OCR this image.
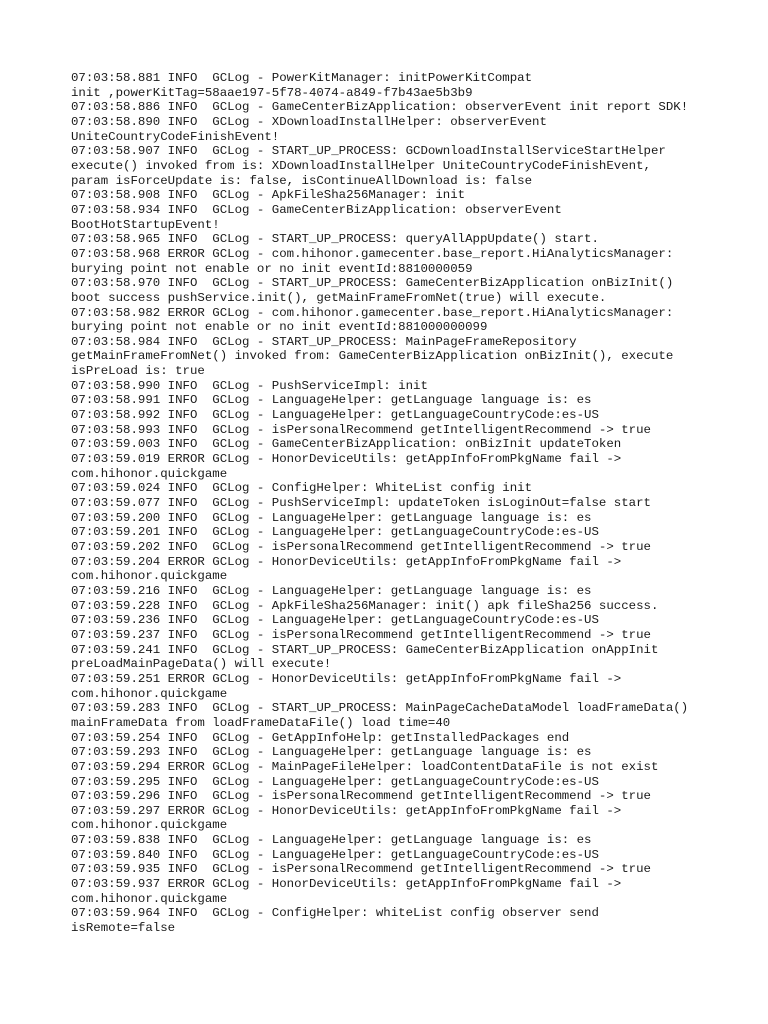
07:03:58.881 INFO  GCLog - PowerKitManager: initPowerKitCompat
init ,powerKitTag=58aae197-5f78-4074-a849-f7b43ae5b3b9
07:03:58.886 INFO  GCLog - GameCenterBizApplication: observerEvent init report SDK!
07:03:58.890 INFO  GCLog - XDownloadInstallHelper: observerEvent
UniteCountryCodeFinishEvent!
07:03:58.907 INFO  GCLog - START_UP_PROCESS: GCDownloadInstallServiceStartHelper
execute() invoked from is: XDownloadInstallHelper UniteCountryCodeFinishEvent,
param isForceUpdate is: false, isContinueAllDownload is: false
07:03:58.908 INFO  GCLog - ApkFileSha256Manager: init
07:03:58.934 INFO  GCLog - GameCenterBizApplication: observerEvent
BootHotStartupEvent!
07:03:58.965 INFO  GCLog - START_UP_PROCESS: queryAllAppUpdate() start.
07:03:58.968 ERROR GCLog - com.hihonor.gamecenter.base_report.HiAnalyticsManager:
burying point not enable or no init eventId:8810000059
07:03:58.970 INFO  GCLog - START_UP_PROCESS: GameCenterBizApplication onBizInit()
boot success pushService.init(), getMainFrameFromNet(true) will execute.
07:03:58.982 ERROR GCLog - com.hihonor.gamecenter.base_report.HiAnalyticsManager:
burying point not enable or no init eventId:881000000099
07:03:58.984 INFO  GCLog - START_UP_PROCESS: MainPageFrameRepository
getMainFrameFromNet() invoked from: GameCenterBizApplication onBizInit(), execute
isPreLoad is: true
07:03:58.990 INFO  GCLog - PushServiceImpl: init
07:03:58.991 INFO  GCLog - LanguageHelper: getLanguage language is: es
07:03:58.992 INFO  GCLog - LanguageHelper: getLanguageCountryCode:es-US
07:03:58.993 INFO  GCLog - isPersonalRecommend getIntelligentRecommend -> true
07:03:59.003 INFO  GCLog - GameCenterBizApplication: onBizInit updateToken
07:03:59.019 ERROR GCLog - HonorDeviceUtils: getAppInfoFromPkgName fail ->
com.hihonor.quickgame
07:03:59.024 INFO  GCLog - ConfigHelper: WhiteList config init
07:03:59.077 INFO  GCLog - PushServiceImpl: updateToken isLoginOut=false start
07:03:59.200 INFO  GCLog - LanguageHelper: getLanguage language is: es
07:03:59.201 INFO  GCLog - LanguageHelper: getLanguageCountryCode:es-US
07:03:59.202 INFO  GCLog - isPersonalRecommend getIntelligentRecommend -> true
07:03:59.204 ERROR GCLog - HonorDeviceUtils: getAppInfoFromPkgName fail ->
com.hihonor.quickgame
07:03:59.216 INFO  GCLog - LanguageHelper: getLanguage language is: es
07:03:59.228 INFO  GCLog - ApkFileSha256Manager: init() apk fileSha256 success.
07:03:59.236 INFO  GCLog - LanguageHelper: getLanguageCountryCode:es-US
07:03:59.237 INFO  GCLog - isPersonalRecommend getIntelligentRecommend -> true
07:03:59.241 INFO  GCLog - START_UP_PROCESS: GameCenterBizApplication onAppInit
preLoadMainPageData() will execute!
07:03:59.251 ERROR GCLog - HonorDeviceUtils: getAppInfoFromPkgName fail ->
com.hihonor.quickgame
07:03:59.283 INFO  GCLog - START_UP_PROCESS: MainPageCacheDataModel loadFrameData()
mainFrameData from loadFrameDataFile() load time=40
07:03:59.254 INFO  GCLog - GetAppInfoHelp: getInstalledPackages end
07:03:59.293 INFO  GCLog - LanguageHelper: getLanguage language is: es
07:03:59.294 ERROR GCLog - MainPageFileHelper: loadContentDataFile is not exist
07:03:59.295 INFO  GCLog - LanguageHelper: getLanguageCountryCode:es-US
07:03:59.296 INFO  GCLog - isPersonalRecommend getIntelligentRecommend -> true
07:03:59.297 ERROR GCLog - HonorDeviceUtils: getAppInfoFromPkgName fail ->
com.hihonor.quickgame
07:03:59.838 INFO  GCLog - LanguageHelper: getLanguage language is: es
07:03:59.840 INFO  GCLog - LanguageHelper: getLanguageCountryCode:es-US
07:03:59.935 INFO  GCLog - isPersonalRecommend getIntelligentRecommend -> true
07:03:59.937 ERROR GCLog - HonorDeviceUtils: getAppInfoFromPkgName fail ->
com.hihonor.quickgame
07:03:59.964 INFO  GCLog - ConfigHelper: whiteList config observer send
isRemote=false
